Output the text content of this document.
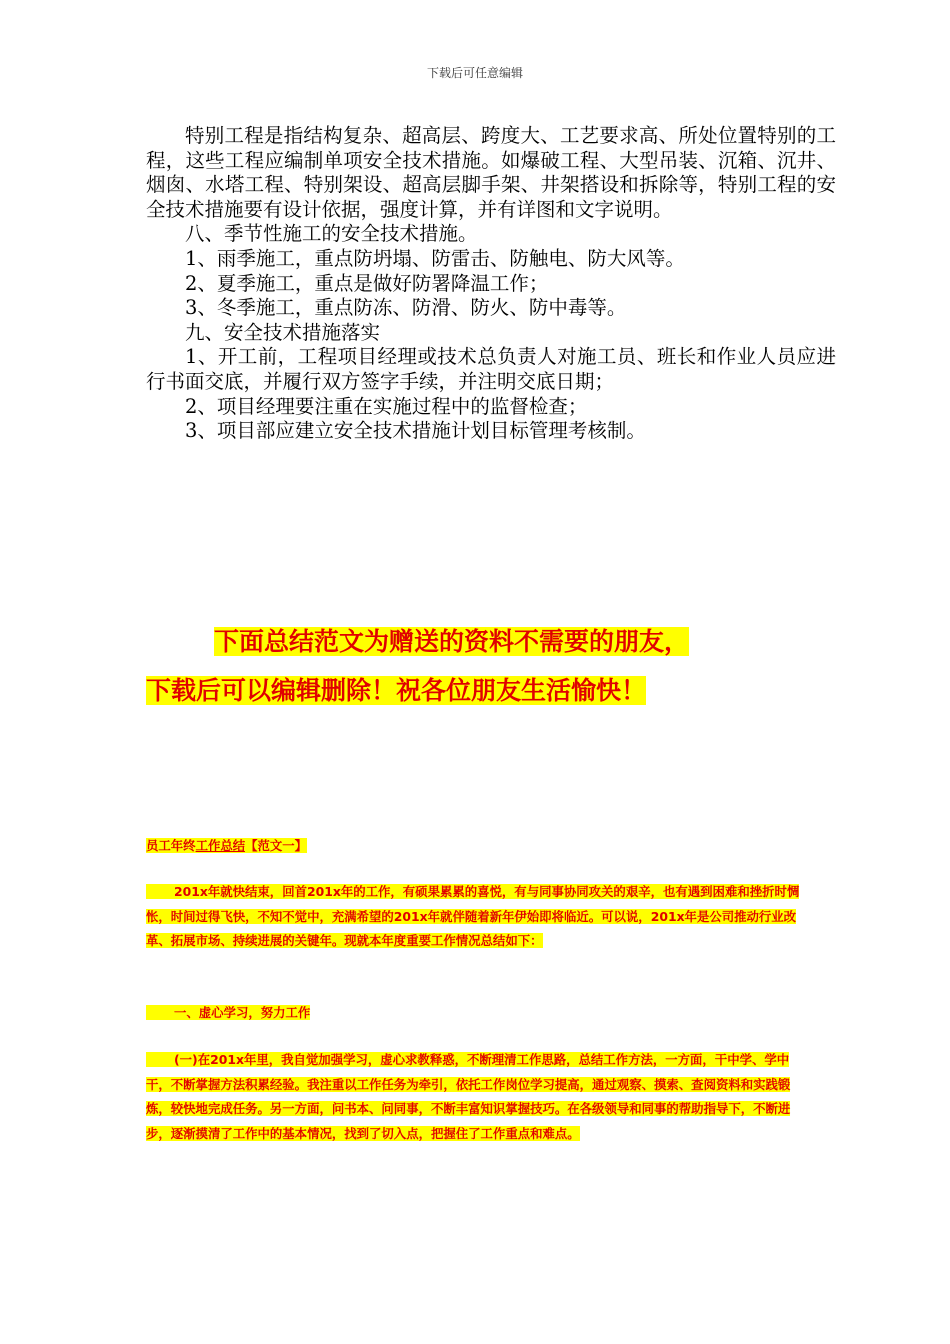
下载后可任意编辑

特别工程是指结构复杂、超高层、跨度大、工艺要求高、所处位置特别的工程，这些工程应编制单项安全技术措施。如爆破工程、大型吊装、沉箱、沉井、烟囱、水塔工程、特别架设、超高层脚手架、井架搭设和拆除等，特别工程的安全技术措施要有设计依据，强度计算，并有详图和文字说明。

八、季节性施工的安全技术措施。

1、雨季施工，重点防坍塌、防雷击、防触电、防大风等。

2、夏季施工，重点是做好防署降温工作；

3、冬季施工，重点防冻、防滑、防火、防中毒等。

九、安全技术措施落实

1、开工前，工程项目经理或技术总负责人对施工员、班长和作业人员应进行书面交底，并履行双方签字手续，并注明交底日期；

2、项目经理要注重在实施过程中的监督检查；

3、项目部应建立安全技术措施计划目标管理考核制。

下面总结范文为赠送的资料不需要的朋友，
下载后可以编辑删除！祝各位朋友生活愉快！
员工年终工作总结【范文一】
201x年就快结束，回首201x年的工作，有硕果累累的喜悦，有与同事协同攻关的艰辛，也有遇到困难和挫折时惆怅，时间过得飞快，不知不觉中，充满希望的201x年就伴随着新年伊始即将临近。可以说，201x年是公司推动行业改革、拓展市场、持续进展的关键年。现就本年度重要工作情况总结如下：
一、虚心学习，努力工作
(一)在201x年里，我自觉加强学习，虚心求教释惑，不断理清工作思路，总结工作方法，一方面，干中学、学中干，不断掌握方法积累经验。我注重以工作任务为牵引，依托工作岗位学习提高，通过观察、摸索、查阅资料和实践锻炼，较快地完成任务。另一方面，问书本、问同事，不断丰富知识掌握技巧。在各级领导和同事的帮助指导下，不断进步，逐渐摸清了工作中的基本情况，找到了切入点，把握住了工作重点和难点。
